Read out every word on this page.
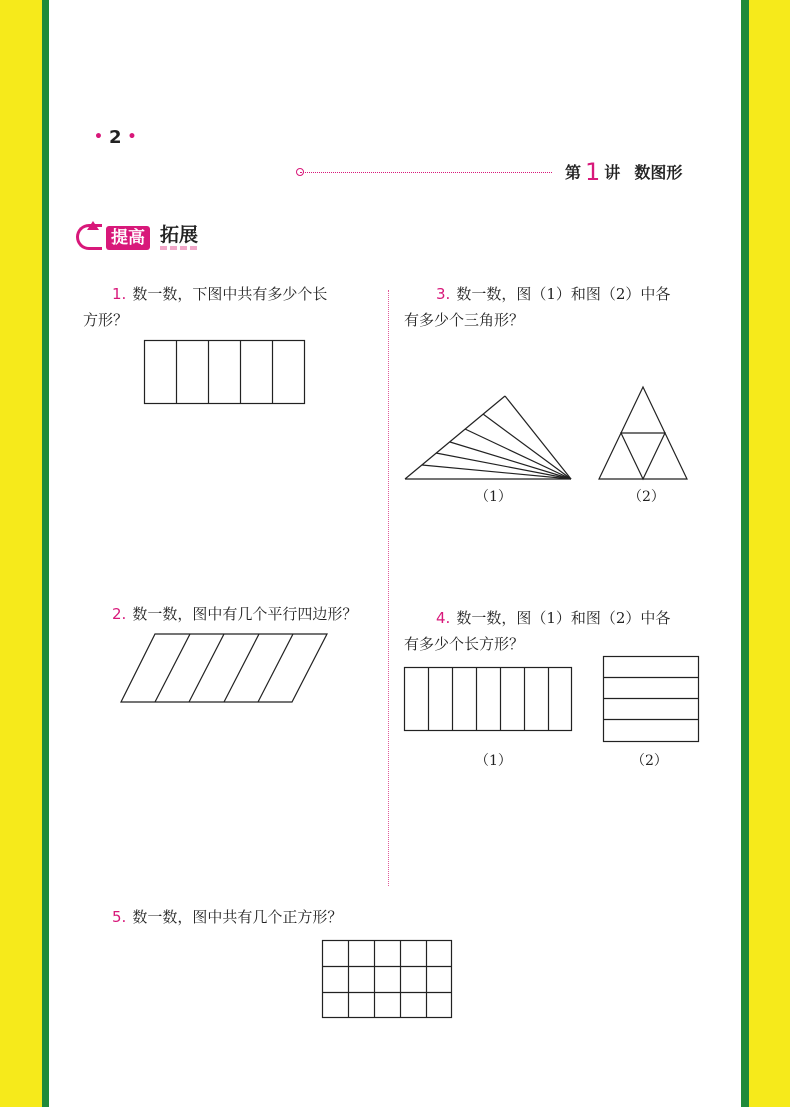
• 2 •
第 1 讲 数图形
提高 拓展
1. 数一数，下图中共有多少个长
方形？
3. 数一数，图（1）和图（2）中各
有多少个三角形？
（1）	（2）
2. 数一数，图中有几个平行四边形？	4. 数一数，图（1）和图（2）中各
有多少个长方形？
（1）	（2）
5. 数一数，图中共有几个正方形？
